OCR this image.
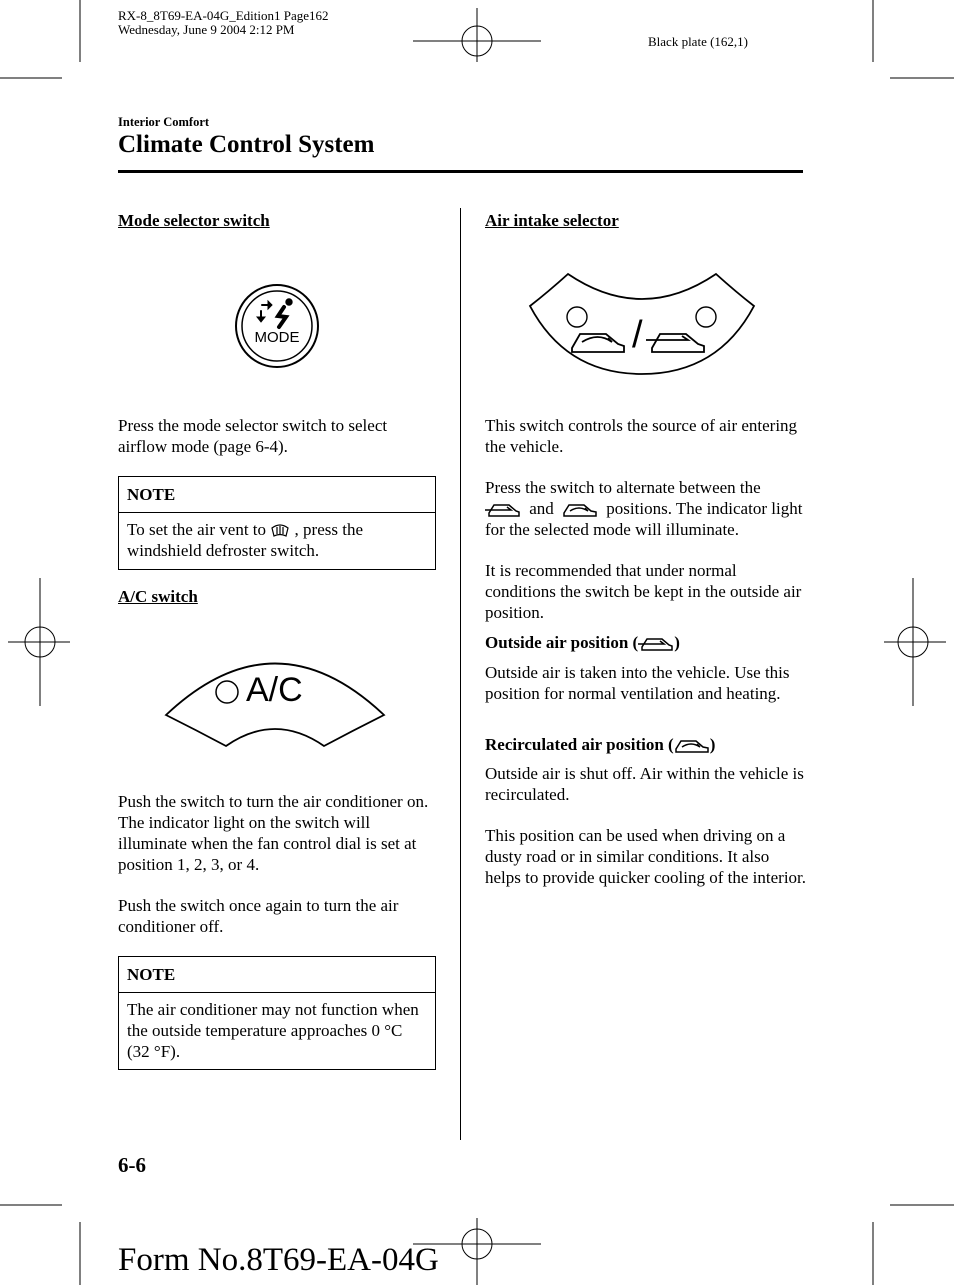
RX-8_8T69-EA-04G_Edition1 Page162
Wednesday, June 9 2004 2:12 PM
Black plate (162,1)
Interior Comfort
Climate Control System
Mode selector switch
MODE
Press the mode selector switch to select airflow mode (page 6-4).
NOTE
To set the air vent to , press the windshield defroster switch.
A/C switch
A/C
Push the switch to turn the air conditioner on. The indicator light on the switch will illuminate when the fan control dial is set at position 1, 2, 3, or 4.
Push the switch once again to turn the air conditioner off.
NOTE
The air conditioner may not function when the outside temperature approaches 0 °C (32 °F).
Air intake selector
/
This switch controls the source of air entering the vehicle.
Press the switch to alternate between the
and	positions. The indicator light for the selected mode will illuminate.
It is recommended that under normal conditions the switch be kept in the outside air position.
Outside air position ( )
Outside air is taken into the vehicle. Use this position for normal ventilation and heating.
Recirculated air position ( )
Outside air is shut off. Air within the vehicle is recirculated.
This position can be used when driving on a dusty road or in similar conditions. It also helps to provide quicker cooling of the interior.
6-6
Form No.8T69-EA-04G
